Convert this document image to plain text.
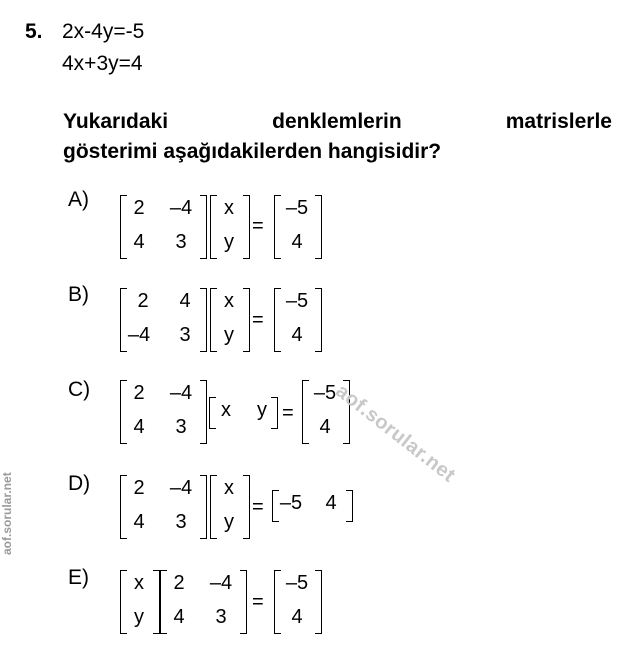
5. 2x-4y=-5
4x+3y=4
Yukarıdaki	denklemlerin	matrislerle
gösterimi aşağıdakilerden hangisidir?
A)	2	–4
4	3
x
y
=
–5
4
B)	2	4
–4	3
x
y
=
–5
4
C)	2	–4
4	3
x	y =
–5
4
D)	2	–4
4	3
x
y
= –5	4
E)	x
y
2	–4
4	3
=
–5
4
aof.sorular.net
aof.sorular.net
